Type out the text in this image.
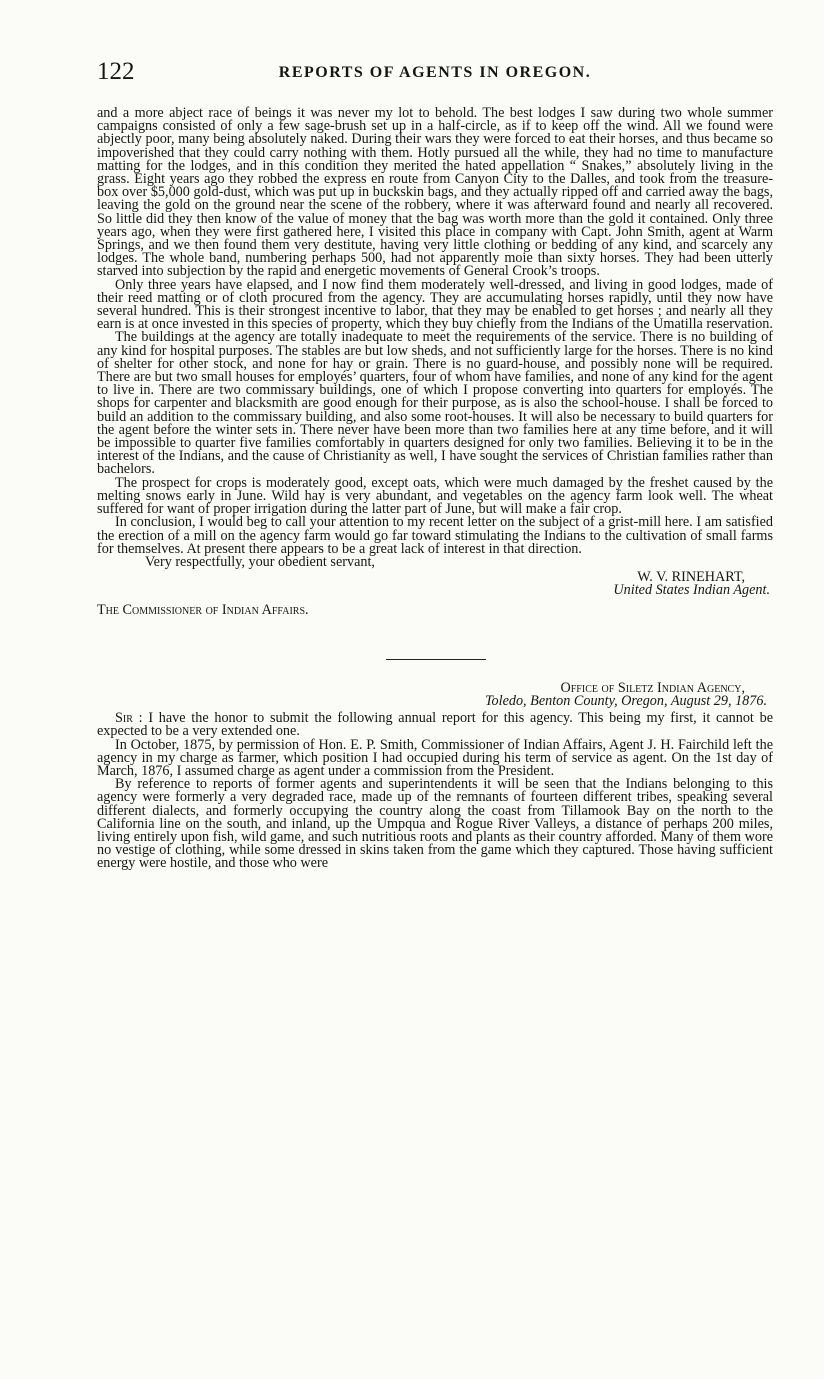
122	REPORTS OF AGENTS IN OREGON.

and a more abject race of beings it was never my lot to behold. The best lodges I saw during two whole summer campaigns consisted of only a few sage-brush set up in a half-circle, as if to keep off the wind. All we found were abjectly poor, many being absolutely naked. During their wars they were forced to eat their horses, and thus became so impoverished that they could carry nothing with them. Hotly pursued all the while, they had no time to manufacture matting for the lodges, and in this condition they merited the hated appellation “ Snakes,” absolutely living in the grass. Eight years ago they robbed the express en route from Canyon City to the Dalles, and took from the treasure-box over $5,000 gold-dust, which was put up in buckskin bags, and they actually ripped off and carried away the bags, leaving the gold on the ground near the scene of the robbery, where it was afterward found and nearly all recovered. So little did they then know of the value of money that the bag was worth more than the gold it contained. Only three years ago, when they were first gathered here, I visited this place in company with Capt. John Smith, agent at Warm Springs, and we then found them very destitute, having very little clothing or bedding of any kind, and scarcely any lodges. The whole band, numbering perhaps 500, had not apparently moie than sixty horses. They had been utterly starved into subjection by the rapid and energetic movements of General Crook’s troops.

Only three years have elapsed, and I now find them moderately well-dressed, and living in good lodges, made of their reed matting or of cloth procured from the agency. They are accumulating horses rapidly, until they now have several hundred. This is their strongest incentive to labor, that they may be enabled to get horses ; and nearly all they earn is at once invested in this species of property, which they buy chiefly from the Indians of the Umatilla reservation.

The buildings at the agency are totally inadequate to meet the requirements of the service. There is no building of any kind for hospital purposes. The stables are but low sheds, and not sufficiently large for the horses. There is no kind of shelter for other stock, and none for hay or grain. There is no guard-house, and possibly none will be required. There are but two small houses for employés’ quarters, four of whom have families, and none of any kind for the agent to live in. There are two commissary buildings, one of which I propose converting into quarters for employés. The shops for carpenter and blacksmith are good enough for their purpose, as is also the school-house. I shall be forced to build an addition to the commissary building, and also some root-houses. It will also be necessary to build quarters for the agent before the winter sets in. There never have been more than two families here at any time before, and it will be impossible to quarter five families comfortably in quarters designed for only two families. Believing it to be in the interest of the Indians, and the cause of Christianity as well, I have sought the services of Christian families rather than bachelors.

The prospect for crops is moderately good, except oats, which were much damaged by the freshet caused by the melting snows early in June. Wild hay is very abundant, and vegetables on the agency farm look well. The wheat suffered for want of proper irrigation during the latter part of June, but will make a fair crop.

In conclusion, I would beg to call your attention to my recent letter on the subject of a grist-mill here. I am satisfied the erection of a mill on the agency farm would go far toward stimulating the Indians to the cultivation of small farms for themselves. At present there appears to be a great lack of interest in that direction.

Very respectfully, your obedient servant,

W. V. RINEHART,

United States Indian Agent.

The Commissioner of Indian Affairs.

Office of Siletz Indian Agency,

Toledo, Benton County, Oregon, August 29, 1876.

Sir : I have the honor to submit the following annual report for this agency. This being my first, it cannot be expected to be a very extended one.

In October, 1875, by permission of Hon. E. P. Smith, Commissioner of Indian Affairs, Agent J. H. Fairchild left the agency in my charge as farmer, which position I had occupied during his term of service as agent. On the 1st day of March, 1876, I assumed charge as agent under a commission from the President.

By reference to reports of former agents and superintendents it will be seen that the Indians belonging to this agency were formerly a very degraded race, made up of the remnants of fourteen different tribes, speaking several different dialects, and formerly occupying the country along the coast from Tillamook Bay on the north to the California line on the south, and inland, up the Umpqua and Rogue River Valleys, a distance of perhaps 200 miles, living entirely upon fish, wild game, and such nutritious roots and plants as their country afforded. Many of them wore no vestige of clothing, while some dressed in skins taken from the game which they captured. Those having sufficient energy were hostile, and those who were
